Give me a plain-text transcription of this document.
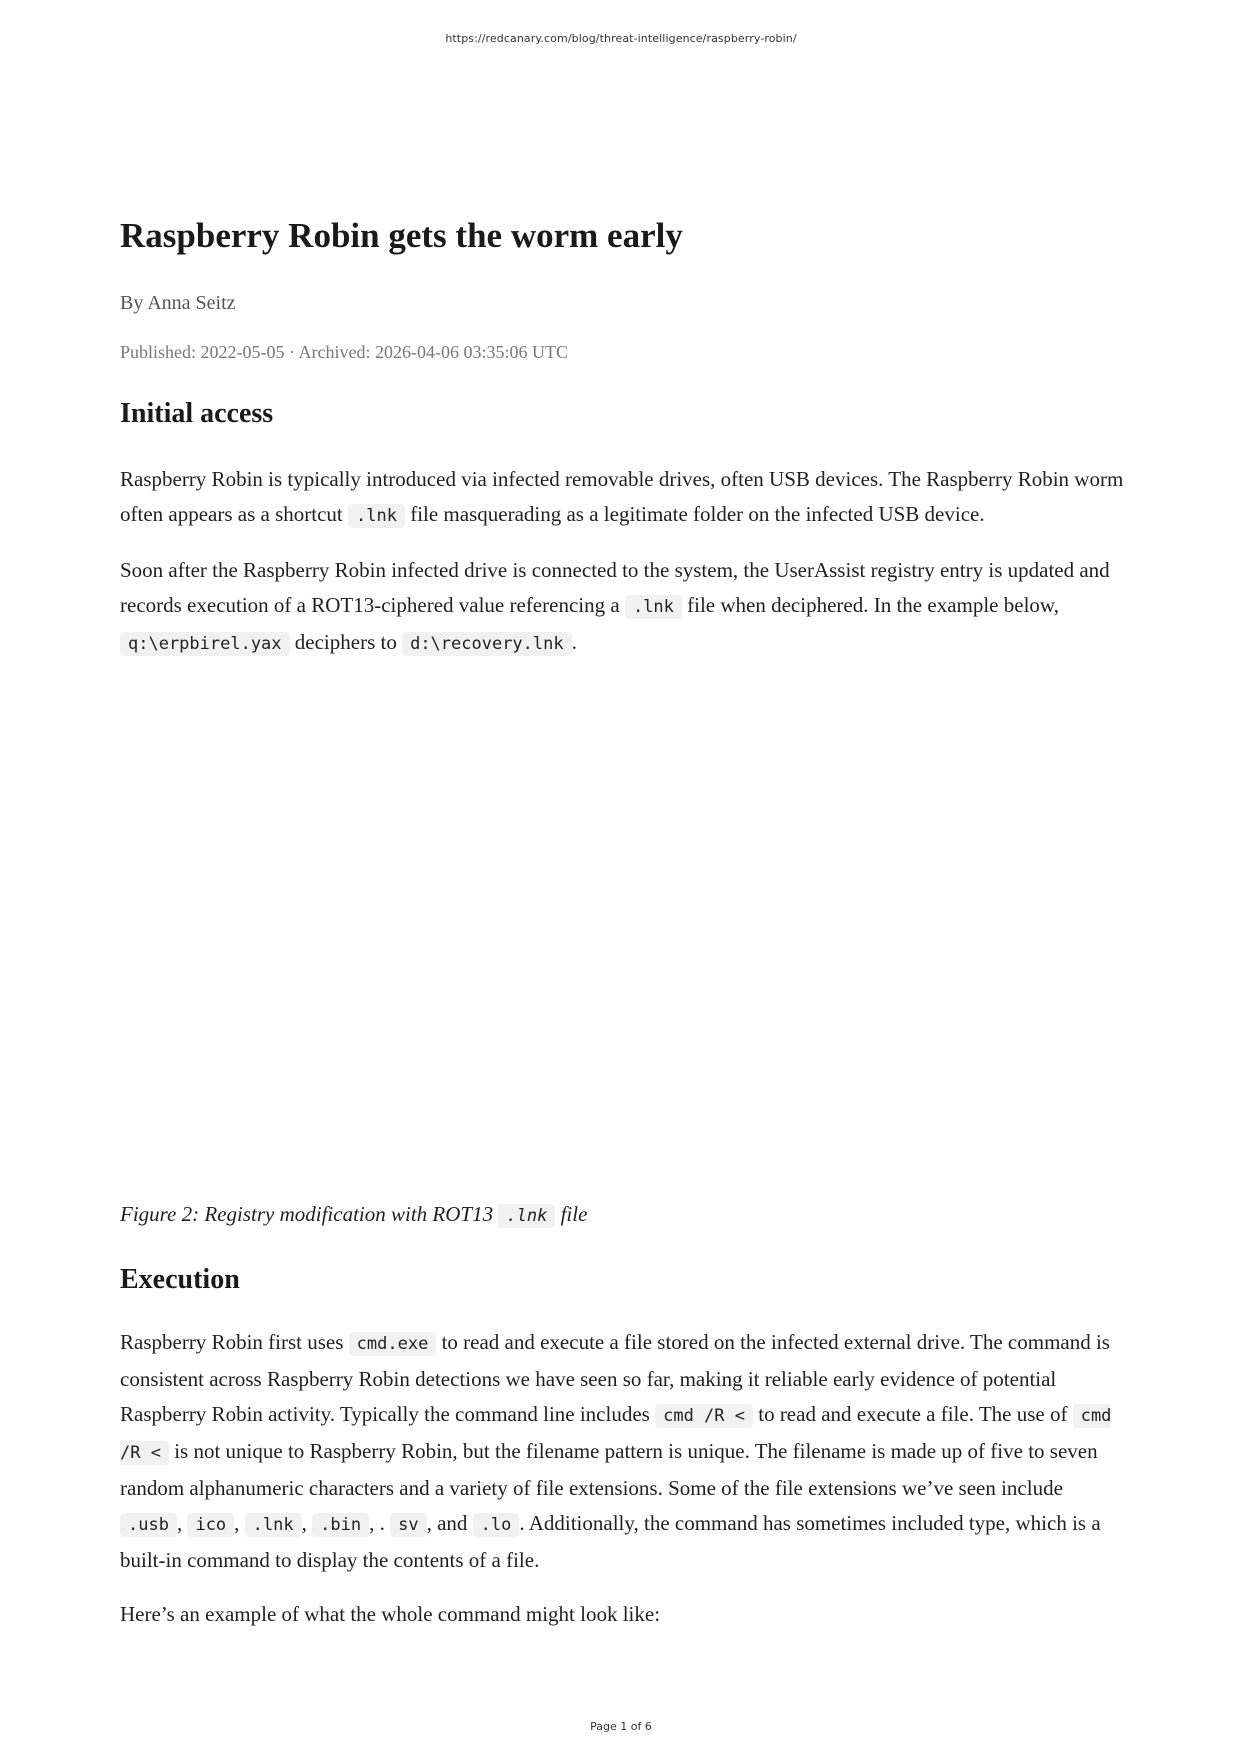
https://redcanary.com/blog/threat-intelligence/raspberry-robin/
Raspberry Robin gets the worm early

By Anna Seitz

Published: 2022-05-05 · Archived: 2026-04-06 03:35:06 UTC

Initial access

Raspberry Robin is typically introduced via infected removable drives, often USB devices. The Raspberry Robin worm often appears as a shortcut .lnk file masquerading as a legitimate folder on the infected USB device.

Soon after the Raspberry Robin infected drive is connected to the system, the UserAssist registry entry is updated and records execution of a ROT13-ciphered value referencing a .lnk file when deciphered. In the example below, q:\erpbirel.yax deciphers to d:\recovery.lnk .

Figure 2: Registry modification with ROT13 .lnk file

Execution

Raspberry Robin first uses cmd.exe to read and execute a file stored on the infected external drive. The command is consistent across Raspberry Robin detections we have seen so far, making it reliable early evidence of potential Raspberry Robin activity. Typically the command line includes cmd /R < to read and execute a file. The use of cmd /R < is not unique to Raspberry Robin, but the filename pattern is unique. The filename is made up of five to seven random alphanumeric characters and a variety of file extensions. Some of the file extensions we’ve seen include .usb , ico , .lnk , .bin , . sv , and .lo . Additionally, the command has sometimes included type, which is a built-in command to display the contents of a file.

Here’s an example of what the whole command might look like:

Page 1 of 6
